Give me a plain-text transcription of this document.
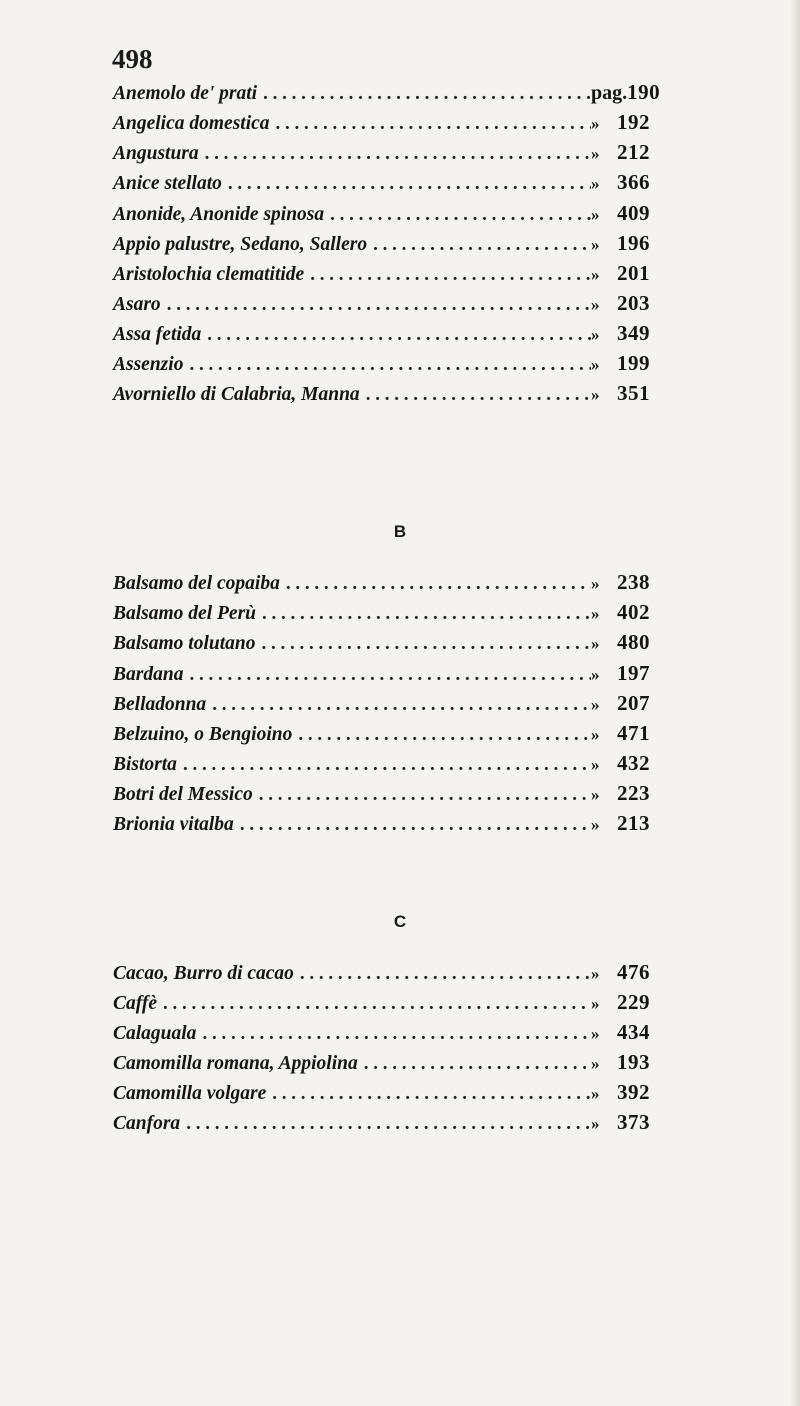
498
Anemolo de' prati . . .	pag. 190
Angelica domestica . . .	» 192
Angustura . . .	» 212
Anice stellato . . .	» 366
Anonide, Anonide spinosa . . .	» 409
Appio palustre, Sedano, Sallero . . .	» 196
Aristolochia clematitide . . .	» 201
Asaro . . .	» 203
Assa fetida . . .	» 349
Assenzio . . .	» 199
Avorniello di Calabria, Manna . . .	» 351
B
Balsamo del copaiba . . .	» 238
Balsamo del Perù . . .	» 402
Balsamo tolutano . . .	» 480
Bardana . . .	» 197
Belladonna . . .	» 207
Belzuino, o Bengioino . . .	» 471
Bistorta . . .	» 432
Botri del Messico . . .	» 223
Brionia vitalba . . .	» 213
C
Cacao, Burro di cacao . . .	» 476
Caffè . . .	» 229
Calaguala . . .	» 434
Camomilla romana, Appiolina . . .	» 193
Camomilla volgare . . .	» 392
Canfora . . .	» 373
